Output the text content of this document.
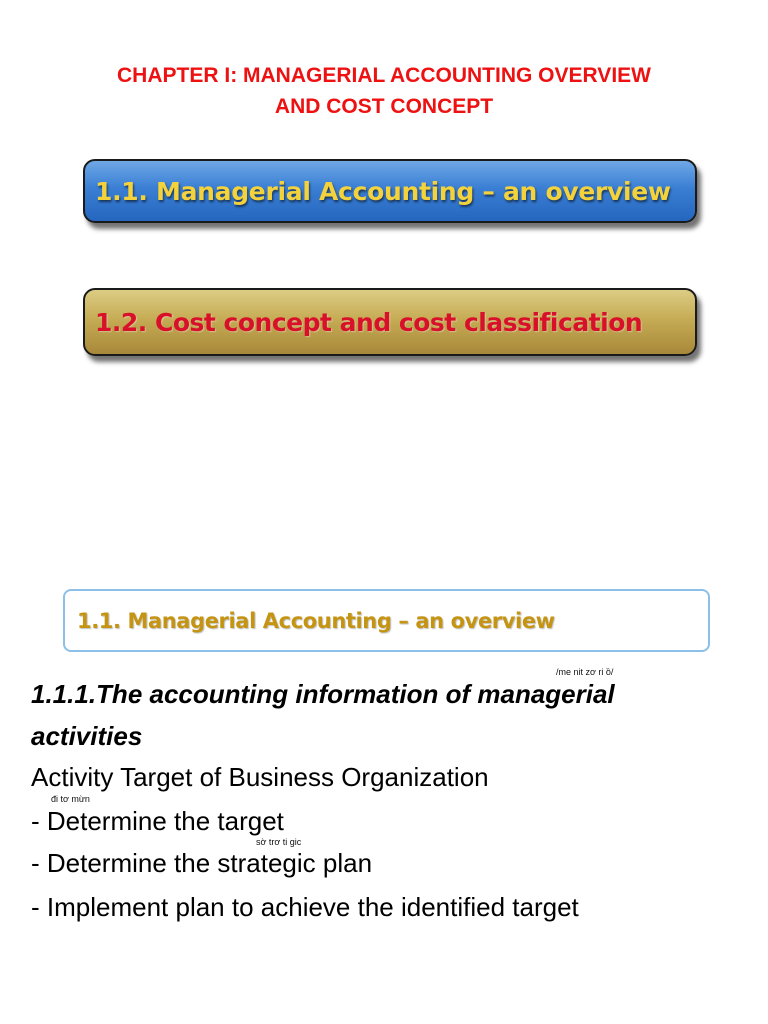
CHAPTER I: MANAGERIAL ACCOUNTING OVERVIEW
AND COST CONCEPT
1.1. Managerial Accounting – an overview
1.2. Cost concept and cost classification
1.1. Managerial Accounting – an overview
/me nit zơ ri ồ/
1.1.1.The accounting information of managerial activities
đi tơ mừn
sờ trơ ti gic
Activity Target of Business Organization
- Determine the target
- Determine the strategic plan
- Implement plan to achieve the identified target
